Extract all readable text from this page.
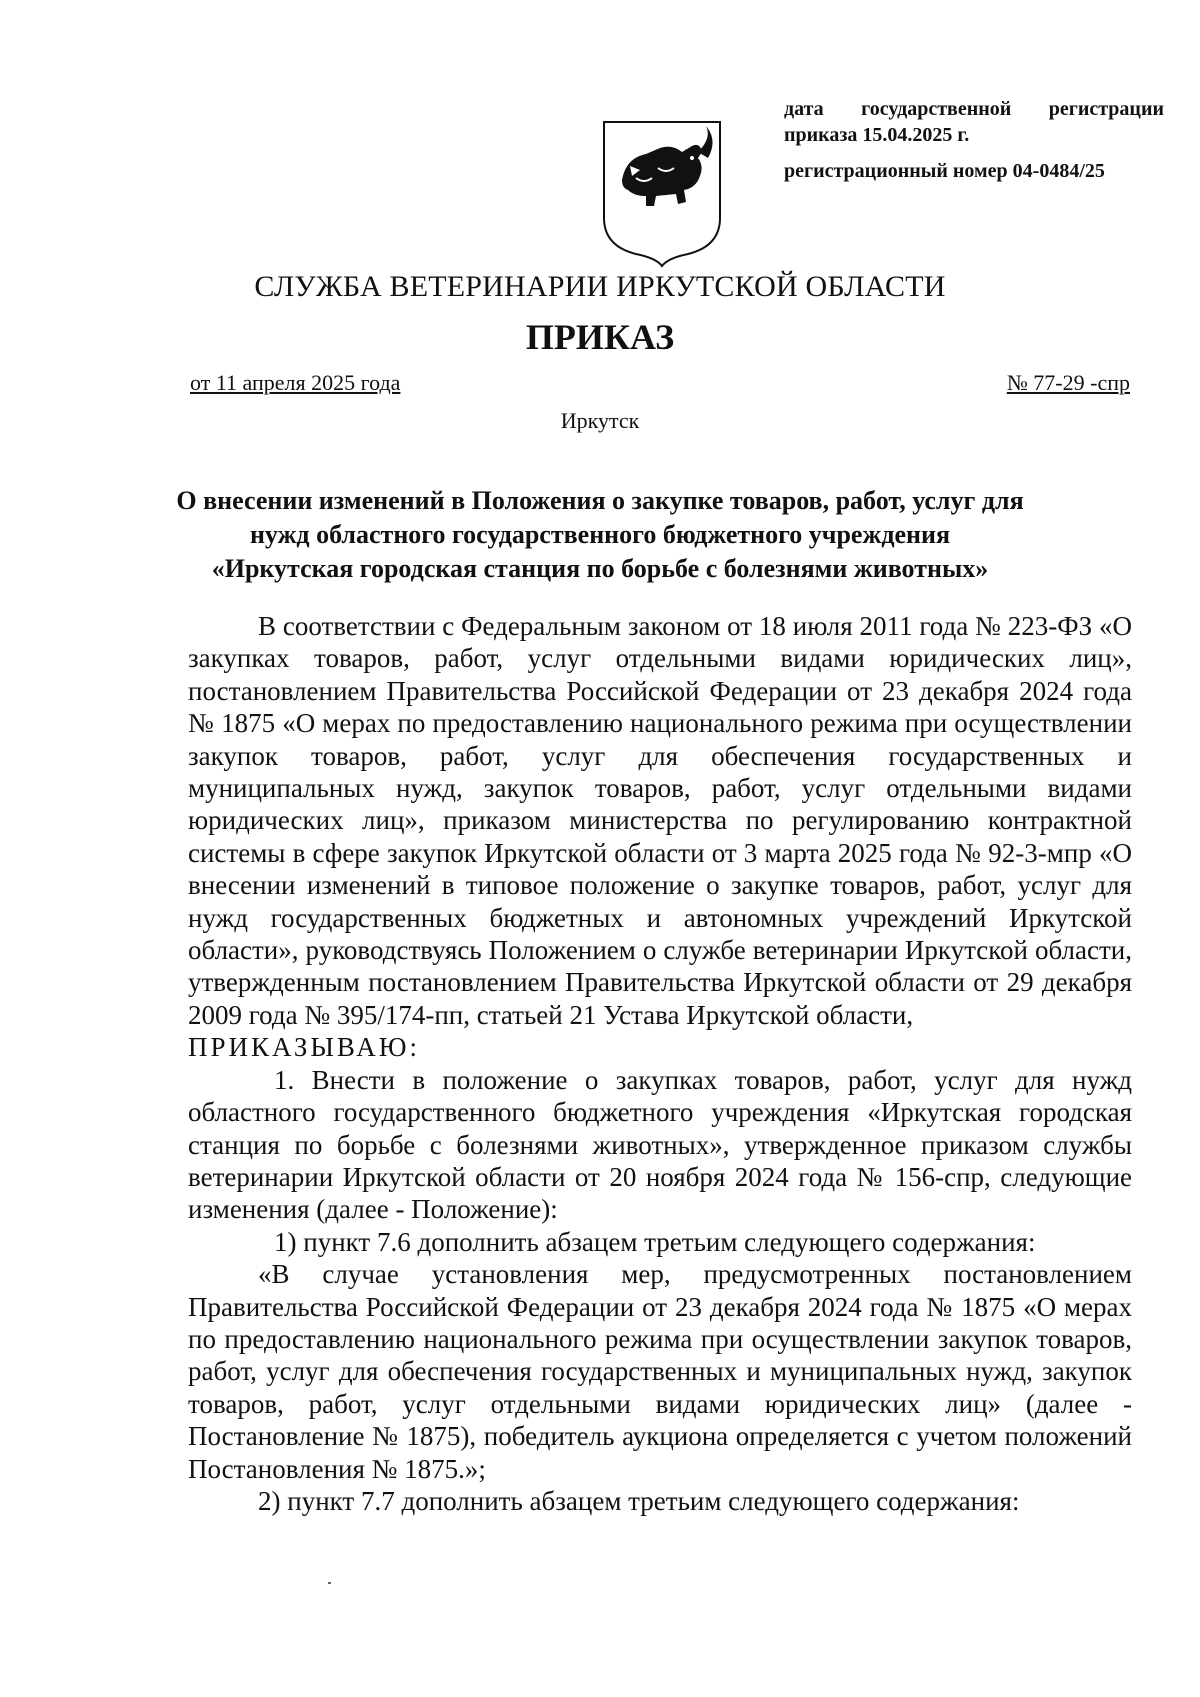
дата государственной регистрации
приказа 15.04.2025 г.
регистрационный номер 04-0484/25
СЛУЖБА ВЕТЕРИНАРИИ ИРКУТСКОЙ ОБЛАСТИ
ПРИКАЗ
от 11 апреля 2025 года	№ 77-29 -спр
Иркутск
О внесении изменений в Положения о закупке товаров, работ, услуг для
нужд областного государственного бюджетного учреждения
«Иркутская городская станция по борьбе с болезнями животных»

В соответствии с Федеральным законом от 18 июля 2011 года № 223-ФЗ «О закупках товаров, работ, услуг отдельными видами юридических лиц», постановлением Правительства Российской Федерации от 23 декабря 2024 года № 1875 «О мерах по предоставлению национального режима при осуществлении закупок товаров, работ, услуг для обеспечения государственных и муниципальных нужд, закупок товаров, работ, услуг отдельными видами юридических лиц», приказом министерства по регулированию контрактной системы в сфере закупок Иркутской области от 3 марта 2025 года № 92-3-мпр «О внесении изменений в типовое положение о закупке товаров, работ, услуг для нужд государственных бюджетных и автономных учреждений Иркутской области», руководствуясь Положением о службе ветеринарии Иркутской области, утвержденным постановлением Правительства Иркутской области от 29 декабря 2009 года № 395/174-пп, статьей 21 Устава Иркутской области,

ПРИКАЗЫВАЮ:

1. Внести в положение о закупках товаров, работ, услуг для нужд областного государственного бюджетного учреждения «Иркутская городская станция по борьбе с болезнями животных», утвержденное приказом службы ветеринарии Иркутской области от 20 ноября 2024 года № 156-спр, следующие изменения (далее - Положение):

1) пункт 7.6 дополнить абзацем третьим следующего содержания:

«В случае установления мер, предусмотренных постановлением Правительства Российской Федерации от 23 декабря 2024 года № 1875 «О мерах по предоставлению национального режима при осуществлении закупок товаров, работ, услуг для обеспечения государственных и муниципальных нужд, закупок товаров, работ, услуг отдельными видами юридических лиц» (далее - Постановление № 1875), победитель аукциона определяется с учетом положений Постановления № 1875.»;

2) пункт 7.7 дополнить абзацем третьим следующего содержания:
